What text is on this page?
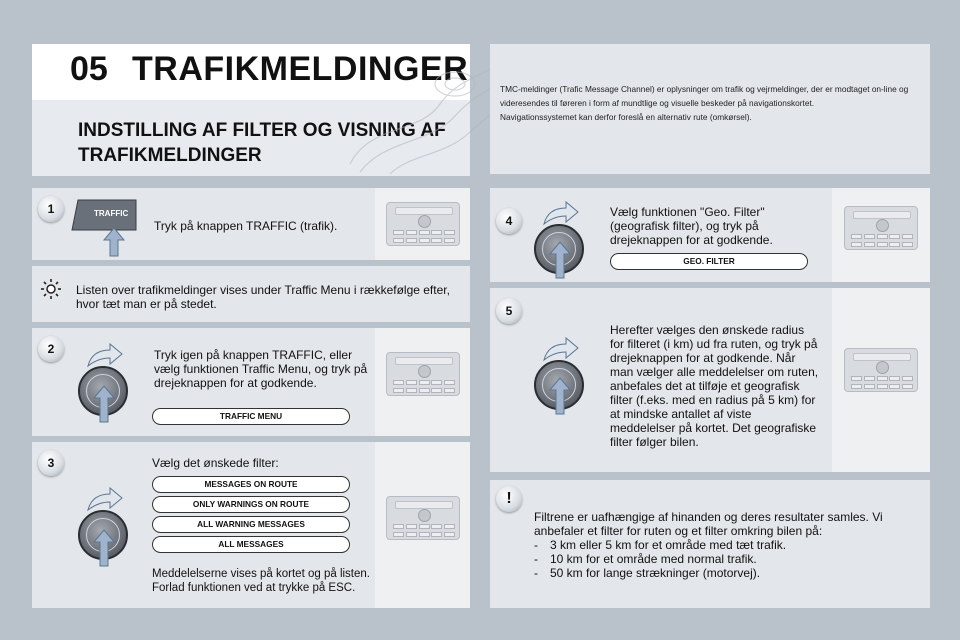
05 TRAFIKMELDINGER
INDSTILLING AF FILTER OG VISNING AF TRAFIKMELDINGER
TMC-meldinger (Trafic Message Channel) er oplysninger om trafik og vejrmeldinger, der er modtaget on-line og videresendes til føreren i form af mundtlige og visuelle beskeder på navigationskortet.
Navigationssystemet kan derfor foreslå en alternativ rute (omkørsel).
1	TRAFFIC
Tryk på knappen TRAFFIC (trafik).
Listen over trafikmeldinger vises under Traffic Menu i rækkefølge efter, hvor tæt man er på stedet.
2	Tryk igen på knappen TRAFFIC, eller vælg funktionen Traffic Menu, og tryk på drejeknappen for at godkende.
TRAFFIC MENU
3	Vælg det ønskede filter:
MESSAGES ON ROUTE
ONLY WARNINGS ON ROUTE
ALL WARNING MESSAGES
ALL MESSAGES
Meddelelserne vises på kortet og på listen. Forlad funktionen ved at trykke på ESC.
4
Vælg funktionen "Geo. Filter" (geografisk filter), og tryk på drejeknappen for at godkende.
GEO. FILTER
5
Herefter vælges den ønskede radius for filteret (i km) ud fra ruten, og tryk på drejeknappen for at godkende. Når man vælger alle meddelelser om ruten, anbefales det at tilføje et geografisk filter (f.eks. med en radius på 5 km) for at mindske antallet af viste meddelelser på kortet. Det geografiske filter følger bilen.
!
Filtrene er uafhængige af hinanden og deres resultater samles. Vi anbefaler et filter for ruten og et filter omkring bilen på:
-	3 km eller 5 km for et område med tæt trafik.
-	10 km for et område med normal trafik.
-	50 km for lange strækninger (motorvej).
